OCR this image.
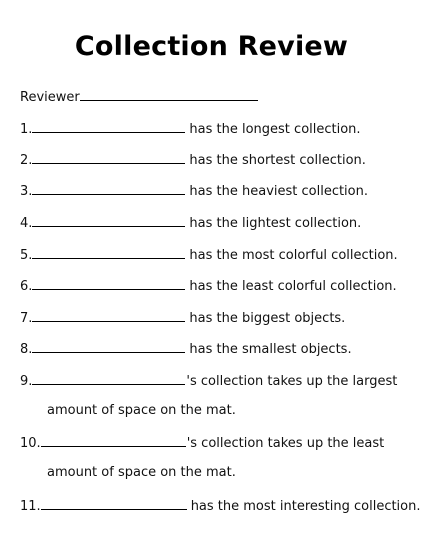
Collection Review
Reviewer
1.	has the longest collection.
2.	has the shortest collection.
3.	has the heaviest collection.
4.	has the lightest collection.
5.	has the most colorful collection.
6.	has the least colorful collection.
7.	has the biggest objects.
8.	has the smallest objects.
9.	's collection takes up the largest
amount of space on the mat.
10.	's collection takes up the least
amount of space on the mat.
11.	has the most interesting collection.
